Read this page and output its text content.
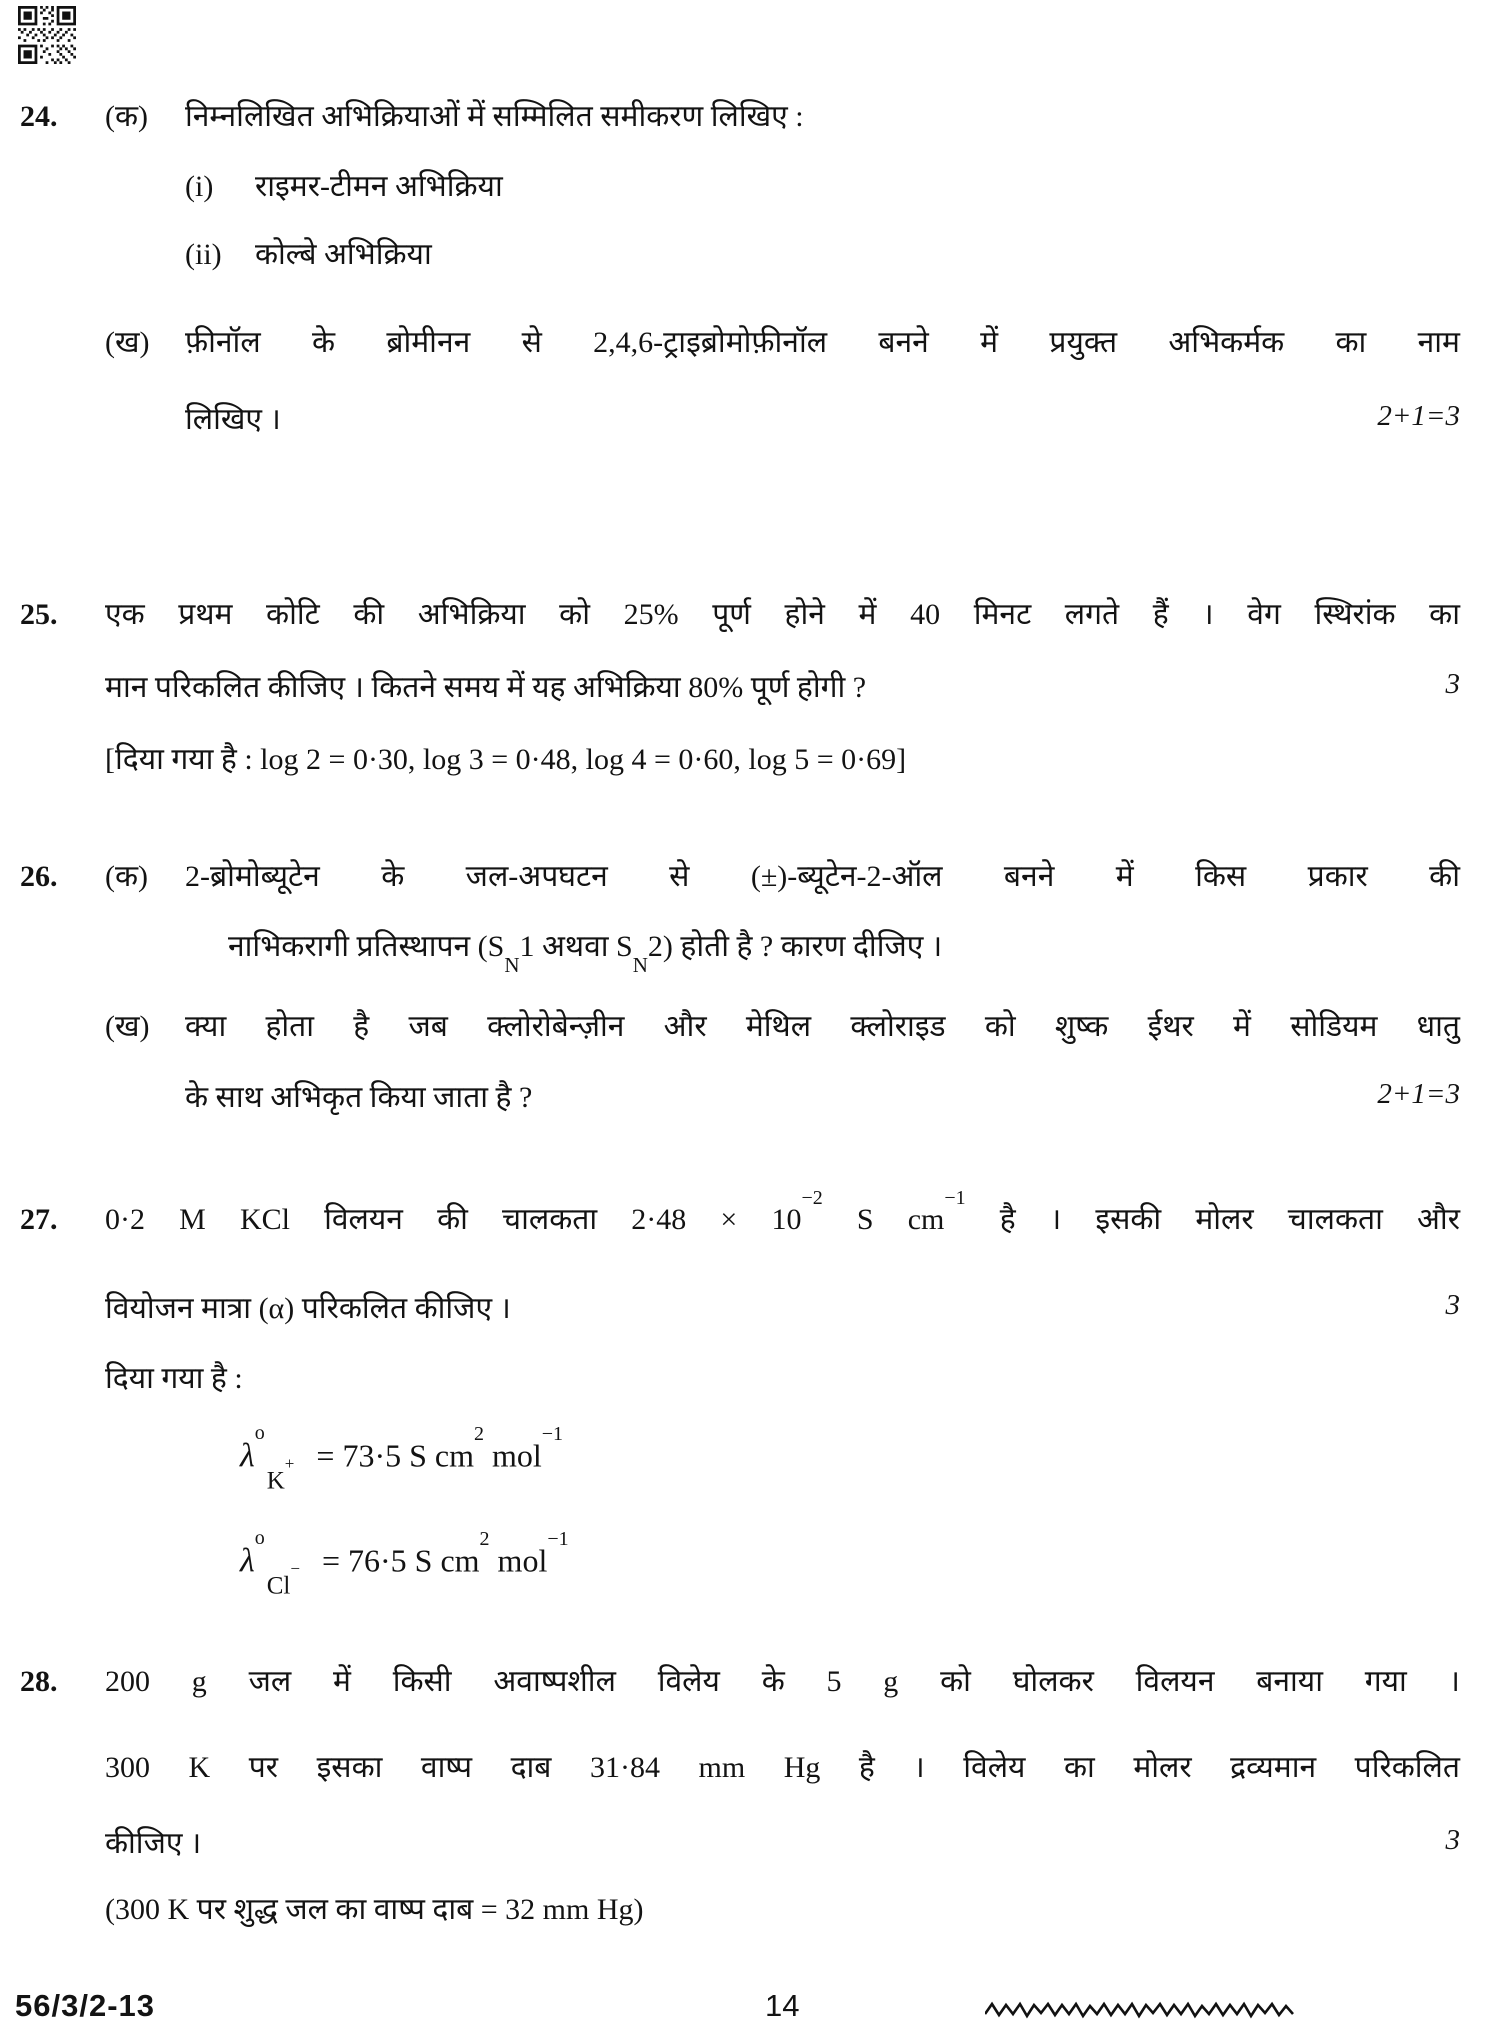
24. (क) निम्नलिखित अभिक्रियाओं में सम्मिलित समीकरण लिखिए :
(i) राइमर-टीमन अभिक्रिया
(ii) कोल्बे अभिक्रिया
(ख) फ़ीनॉल के ब्रोमीनन से 2,4,6-ट्राइब्रोमोफ़ीनॉल बनने में प्रयुक्त अभिकर्मक का नाम
लिखिए ।	2+1=3
25. एक प्रथम कोटि की अभिक्रिया को 25% पूर्ण होने में 40 मिनट लगते हैं । वेग स्थिरांक का
मान परिकलित कीजिए । कितने समय में यह अभिक्रिया 80% पूर्ण होगी ?	3
[दिया गया है : log 2 = 0·30, log 3 = 0·48, log 4 = 0·60, log 5 = 0·69]
26. (क) 2-ब्रोमोब्यूटेन के जल-अपघटन से (±)-ब्यूटेन-2-ऑल बनने में किस प्रकार की
नाभिकरागी प्रतिस्थापन ($S_N1$ अथवा $S_N2$) होती है ? कारण दीजिए ।
(ख) क्या होता है जब क्लोरोबेन्ज़ीन और मेथिल क्लोराइड को शुष्क ईथर में सोडियम धातु
के साथ अभिकृत किया जाता है ?	2+1=3
27. 0·2 M KCl विलयन की चालकता $2\cdot 48 \times 10^{-2}$ S $cm^{-1}$ है । इसकी मोलर चालकता और
वियोजन मात्रा (α) परिकलित कीजिए ।	3
दिया गया है :
$\lambda^oK^+ = 73\cdot 5$ S $cm^2$ mol$^{-1}$
$\lambda^oCl^- = 76\cdot 5$ S $cm^2$ mol$^{-1}$
28. 200 g जल में किसी अवाष्पशील विलेय के 5 g को घोलकर विलयन बनाया गया ।
300 K पर इसका वाष्प दाब 31·84 mm Hg है । विलेय का मोलर द्रव्यमान परिकलित
कीजिए ।	3
(300 K पर शुद्ध जल का वाष्प दाब = 32 mm Hg)
56/3/2-13	14
